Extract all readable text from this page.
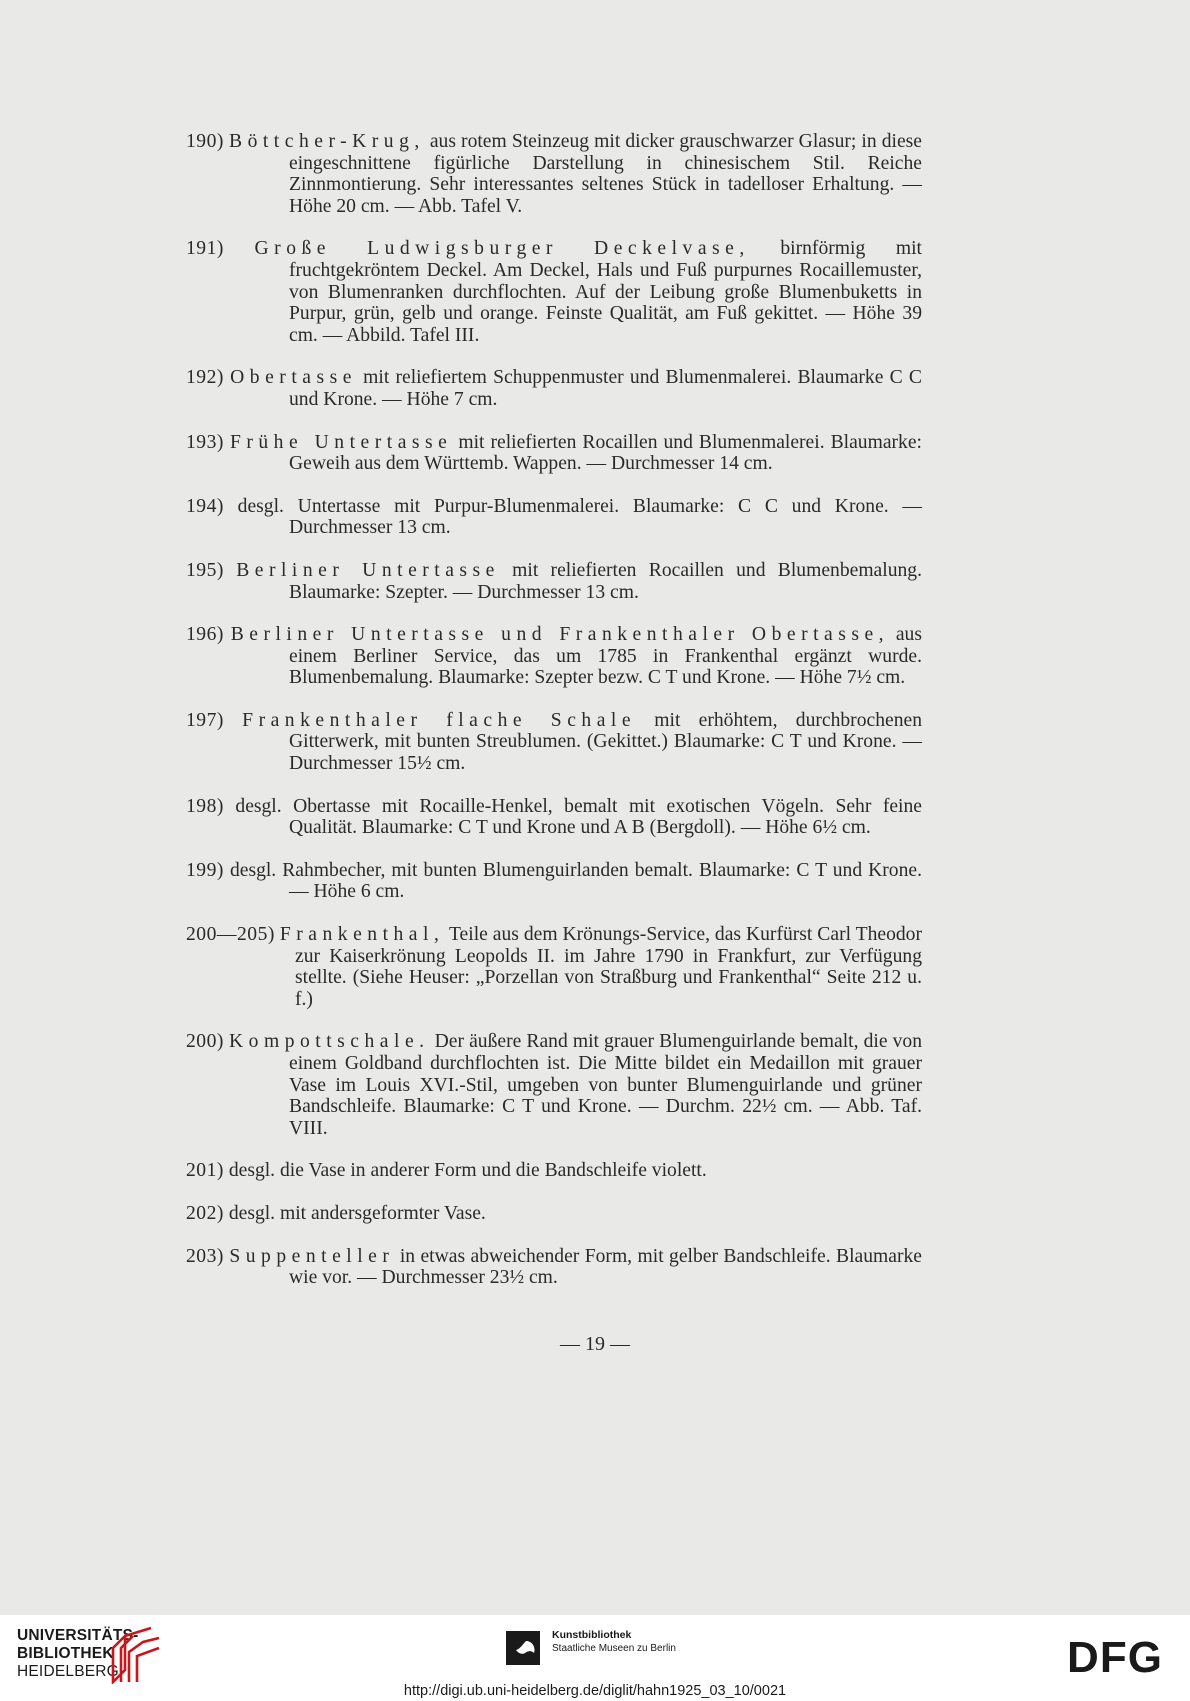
190) Böttcher-Krug, aus rotem Steinzeug mit dicker grauschwarzer Glasur; in diese eingeschnittene figürliche Darstellung in chinesischem Stil. Reiche Zinnmontierung. Sehr interessantes seltenes Stück in tadelloser Erhaltung. — Höhe 20 cm. — Abb. Tafel V.
191) Große Ludwigsburger Deckelvase, birnförmig mit fruchtgekröntem Deckel. Am Deckel, Hals und Fuß purpurnes Rocaillemuster, von Blumenranken durchflochten. Auf der Leibung große Blumenbuketts in Purpur, grün, gelb und orange. Feinste Qualität, am Fuß gekittet. — Höhe 39 cm. — Abbild. Tafel III.
192) Obertasse mit reliefiertem Schuppenmuster und Blumenmalerei. Blaumarke C C und Krone. — Höhe 7 cm.
193) Frühe Untertasse mit reliefierten Rocaillen und Blumenmalerei. Blaumarke: Geweih aus dem Württemb. Wappen. — Durchmesser 14 cm.
194) desgl. Untertasse mit Purpur-Blumenmalerei. Blaumarke: C C und Krone. — Durchmesser 13 cm.
195) Berliner Untertasse mit reliefierten Rocaillen und Blumenbemalung. Blaumarke: Szepter. — Durchmesser 13 cm.
196) Berliner Untertasse und Frankenthaler Obertasse, aus einem Berliner Service, das um 1785 in Frankenthal ergänzt wurde. Blumenbemalung. Blaumarke: Szepter bezw. C T und Krone. — Höhe 7½ cm.
197) Frankenthaler flache Schale mit erhöhtem, durchbrochenen Gitterwerk, mit bunten Streublumen. (Gekittet.) Blaumarke: C T und Krone. — Durchmesser 15½ cm.
198) desgl. Obertasse mit Rocaille-Henkel, bemalt mit exotischen Vögeln. Sehr feine Qualität. Blaumarke: C T und Krone und A B (Bergdoll). — Höhe 6½ cm.
199) desgl. Rahmbecher, mit bunten Blumenguirlanden bemalt. Blaumarke: C T und Krone. — Höhe 6 cm.
200—205) Frankenthal, Teile aus dem Krönungs-Service, das Kurfürst Carl Theodor zur Kaiserkrönung Leopolds II. im Jahre 1790 in Frankfurt, zur Verfügung stellte. (Siehe Heuser: „Porzellan von Straßburg und Frankenthal“ Seite 212 u. f.)
200) Kompottschale. Der äußere Rand mit grauer Blumenguirlande bemalt, die von einem Goldband durchflochten ist. Die Mitte bildet ein Medaillon mit grauer Vase im Louis XVI.-Stil, umgeben von bunter Blumenguirlande und grüner Bandschleife. Blaumarke: C T und Krone. — Durchm. 22½ cm. — Abb. Taf. VIII.
201) desgl. die Vase in anderer Form und die Bandschleife violett.
202) desgl. mit andersgeformter Vase.
203) Suppenteller in etwas abweichender Form, mit gelber Bandschleife. Blaumarke wie vor. — Durchmesser 23½ cm.
— 19 —
UNIVERSITÄTS-
BIBLIOTHEK
HEIDELBERG
Kunstbibliothek
Staatliche Museen zu Berlin	DFG
http://digi.ub.uni-heidelberg.de/diglit/hahn1925_03_10/0021
